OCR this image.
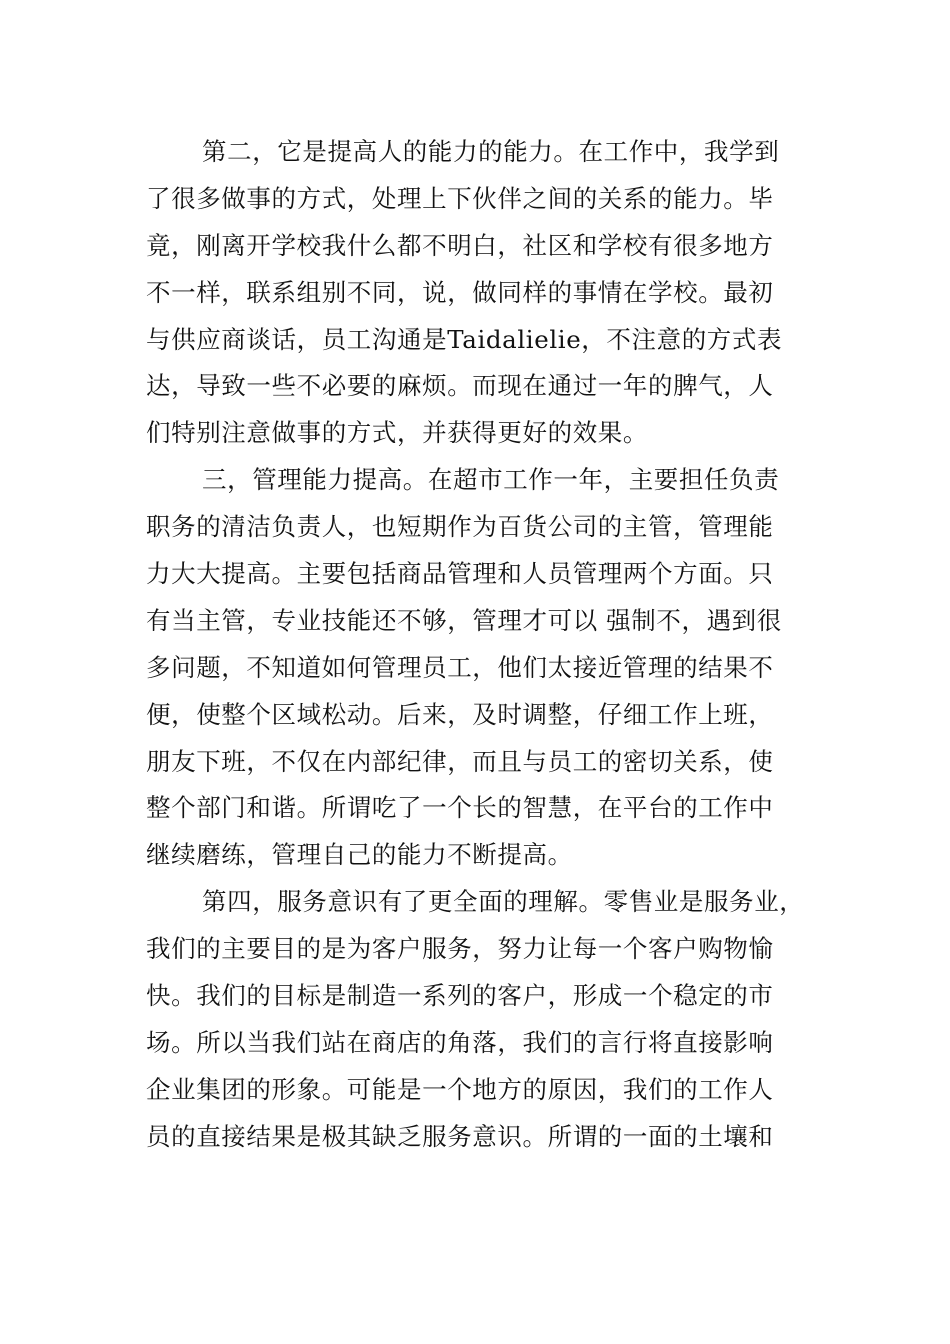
第二，它是提高人的能力的能力。在工作中，我学到
了很多做事的方式，处理上下伙伴之间的关系的能力。毕
竟，刚离开学校我什么都不明白，社区和学校有很多地方
不一样，联系组别不同，说，做同样的事情在学校。最初
与供应商谈话，员工沟通是Taidalielie，不注意的方式表
达，导致一些不必要的麻烦。而现在通过一年的脾气，人
们特别注意做事的方式，并获得更好的效果。
三，管理能力提高。在超市工作一年，主要担任负责
职务的清洁负责人，也短期作为百货公司的主管，管理能
力大大提高。主要包括商品管理和人员管理两个方面。只
有当主管，专业技能还不够，管理才可以 强制不，遇到很
多问题，不知道如何管理员工，他们太接近管理的结果不
便，使整个区域松动。后来，及时调整，仔细工作上班，
朋友下班，不仅在内部纪律，而且与员工的密切关系，使
整个部门和谐。所谓吃了一个长的智慧，在平台的工作中
继续磨练，管理自己的能力不断提高。
第四，服务意识有了更全面的理解。零售业是服务业，
我们的主要目的是为客户服务，努力让每一个客户购物愉
快。我们的目标是制造一系列的客户，形成一个稳定的市
场。所以当我们站在商店的角落，我们的言行将直接影响
企业集团的形象。可能是一个地方的原因，我们的工作人
员的直接结果是极其缺乏服务意识。所谓的一面的土壤和
